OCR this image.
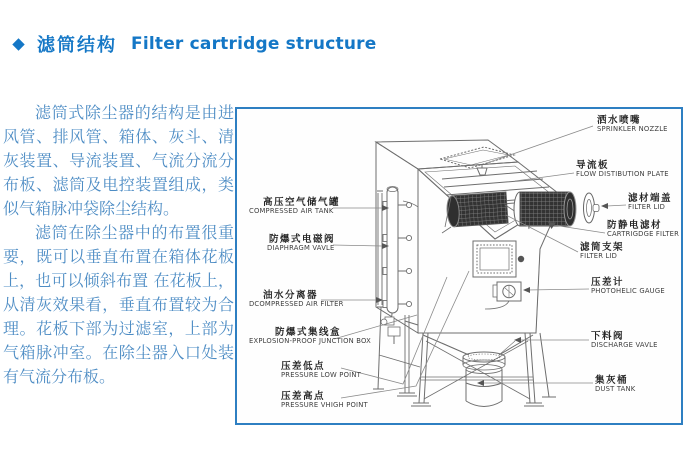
滤筒结构 Filter cartridge structure

滤筒式除尘器的结构是由进风管、排风管、箱体、灰斗、清灰装置、导流装置、气流分流分布板、滤筒及电控装置组成，类似气箱脉冲袋除尘结构。

滤筒在除尘器中的布置很重要，既可以垂直布置在箱体花板上，也可以倾斜布置 在花板上，从清灰效果看，垂直布置较为合理。花板下部为过滤室，上部为气箱脉冲室。在除尘器入口处装有气流分布板。

洒水喷嘴
SPRINKLER NOZZLE
导流板
FLOW DISTIBUTION PLATE
滤材端盖
FILTER LID
防静电滤材
CARTRIGDGE FILTER
滤筒支架
FILTER LID
压差计
PHOTOHELIC GAUGE
下料阀
DISCHARGE VAVLE
集灰桶
DUST TANK
高压空气储气罐
COMPRESSED AIR TANK
防爆式电磁阀
DIAPHRAGM VAVLE
油水分离器
DCOMPRESSED AIR FILTER
防爆式集线盒
EXPLOSION-PROOF JUNCTION BOX
压差低点
PRESSURE LOW POINT
压差高点
PRESSURE VHIGH POINT
